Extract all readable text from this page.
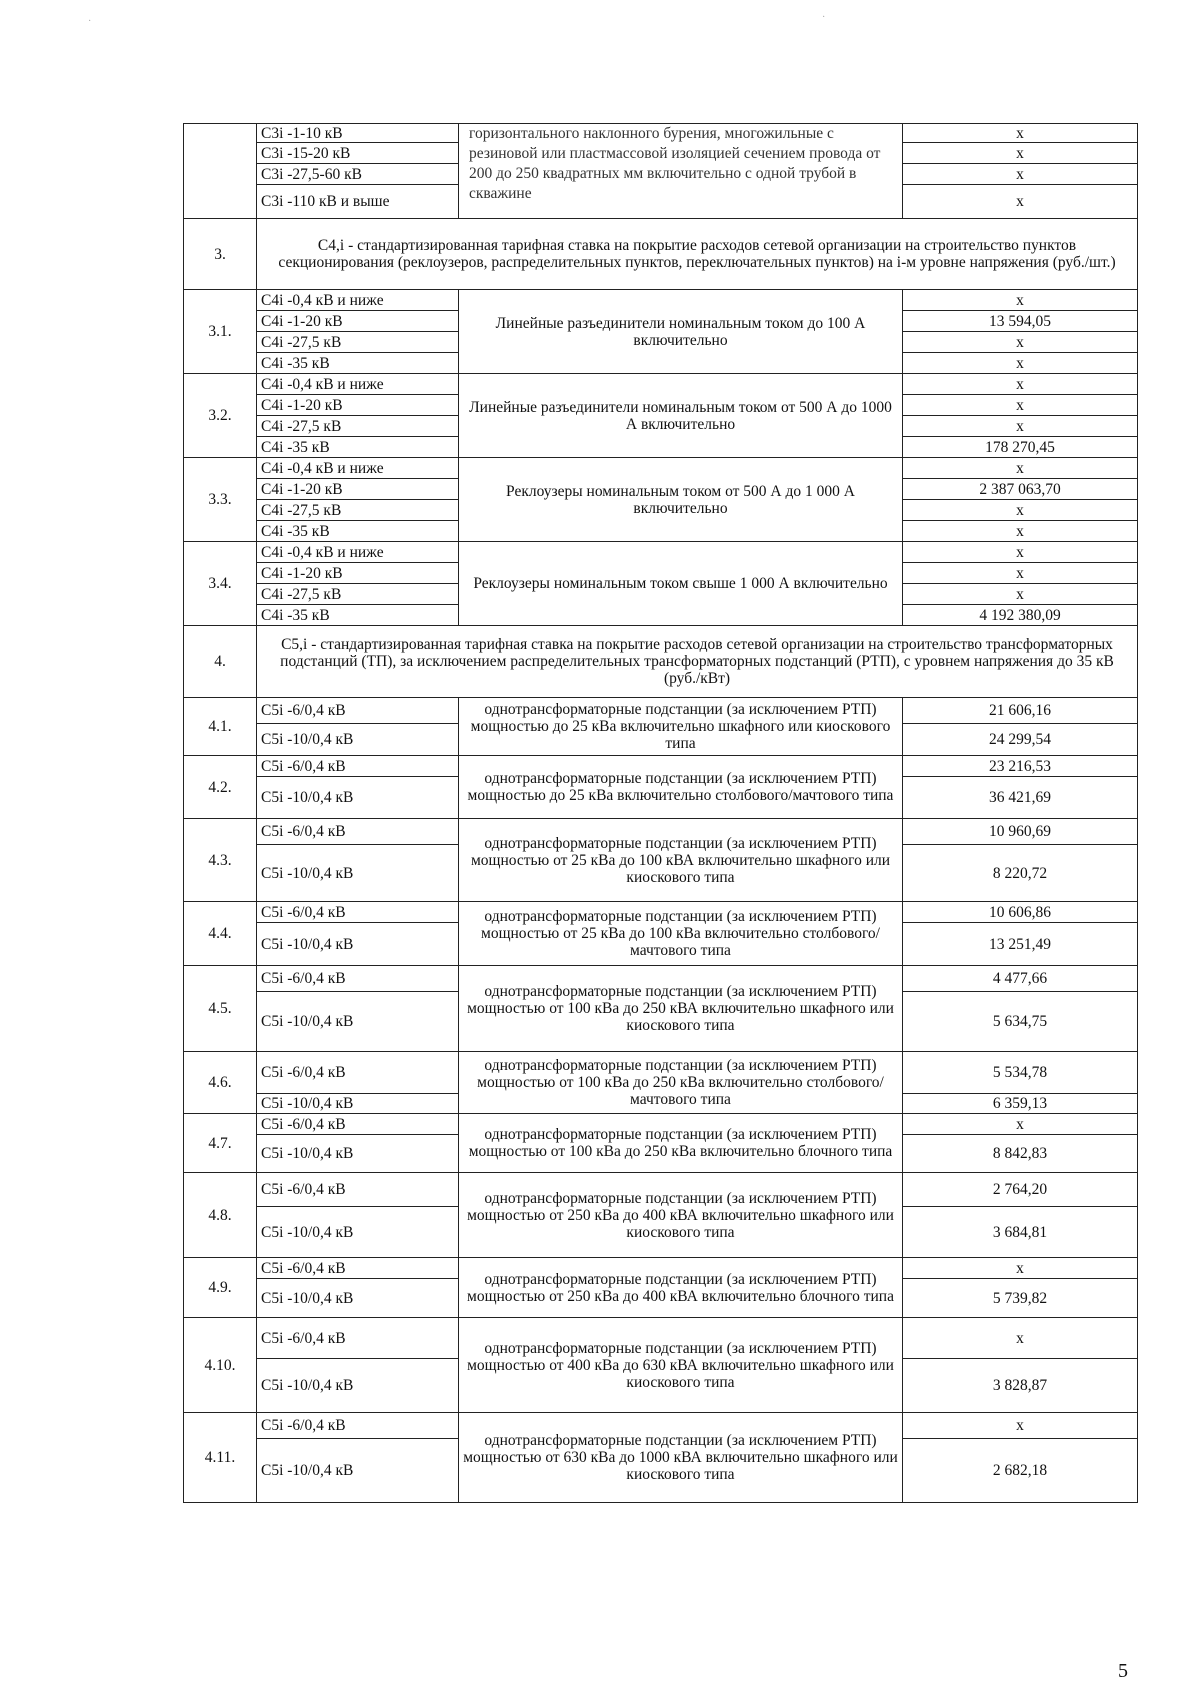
·	·
	С3i -1-10 кВ	горизонтального наклонного бурения, многожильные с резиновой или пластмассовой изоляцией сечением провода от 200 до 250 квадратных мм включительно с одной трубой в скважине	х
	С3i -15-20 кВ		х
	С3i -27,5-60 кВ		х
	С3i -110 кВ и выше		х
3.	С4,i - стандартизированная тарифная ставка на покрытие расходов сетевой организации на строительство пунктов секционирования (реклоузеров, распределительных пунктов, переключательных пунктов) на i-м уровне напряжения (руб./шт.)		
3.1.	С4i -0,4 кВ и ниже	Линейные разъединители номинальным током до 100 А включительно	х
	С4i -1-20 кВ		13 594,05
	С4i -27,5 кВ		х
	С4i -35 кВ		х
3.2.	С4i -0,4 кВ и ниже	Линейные разъединители номинальным током от 500 А до 1000 А включительно	х
	С4i -1-20 кВ		х
	С4i -27,5 кВ		х
	С4i -35 кВ		178 270,45
3.3.	С4i -0,4 кВ и ниже	Реклоузеры номинальным током от 500 А до 1 000 А включительно	х
	С4i -1-20 кВ		2 387 063,70
	С4i -27,5 кВ		х
	С4i -35 кВ		х
3.4.	С4i -0,4 кВ и ниже	Реклоузеры номинальным током свыше 1 000 А включительно	х
	С4i -1-20 кВ		х
	С4i -27,5 кВ		х
	С4i -35 кВ		4 192 380,09
4.	С5,i - стандартизированная тарифная ставка на покрытие расходов сетевой организации на строительство трансформаторных подстанций (ТП), за исключением распределительных трансформаторных подстанций (РТП), с уровнем напряжения до 35 кВ (руб./кВт)		
4.1.	С5i -6/0,4 кВ	однотрансформаторные подстанции (за исключением РТП) мощностью до 25 кВа включительно шкафного или киоскового типа	21 606,16
	С5i -10/0,4 кВ		24 299,54
4.2.	С5i -6/0,4 кВ	однотрансформаторные подстанции (за исключением РТП) мощностью до 25 кВа включительно столбового/мачтового типа	23 216,53
	С5i -10/0,4 кВ		36 421,69
4.3.	С5i -6/0,4 кВ	однотрансформаторные подстанции (за исключением РТП) мощностью от 25 кВа до 100 кВА включительно шкафного или киоскового типа	10 960,69
	С5i -10/0,4 кВ		8 220,72
4.4.	С5i -6/0,4 кВ	однотрансформаторные подстанции (за исключением РТП) мощностью от 25 кВа до 100 кВа включительно столбового/мачтового типа	10 606,86
	С5i -10/0,4 кВ		13 251,49
4.5.	С5i -6/0,4 кВ	однотрансформаторные подстанции (за исключением РТП) мощностью от 100 кВа до 250 кВА включительно шкафного или киоскового типа	4 477,66
	С5i -10/0,4 кВ		5 634,75
4.6.	С5i -6/0,4 кВ	однотрансформаторные подстанции (за исключением РТП) мощностью от 100 кВа до 250 кВа включительно столбового/мачтового типа	5 534,78
	С5i -10/0,4 кВ		6 359,13
4.7.	С5i -6/0,4 кВ	однотрансформаторные подстанции (за исключением РТП) мощностью от 100 кВа до 250 кВа включительно блочного типа	х
	С5i -10/0,4 кВ		8 842,83
4.8.	С5i -6/0,4 кВ	однотрансформаторные подстанции (за исключением РТП) мощностью от 250 кВа до 400 кВА включительно шкафного или киоскового типа	2 764,20
	С5i -10/0,4 кВ		3 684,81
4.9.	С5i -6/0,4 кВ	однотрансформаторные подстанции (за исключением РТП) мощностью от 250 кВа до 400 кВА включительно блочного типа	х
	С5i -10/0,4 кВ		5 739,82
4.10.	С5i -6/0,4 кВ	однотрансформаторные подстанции (за исключением РТП) мощностью от 400 кВа до 630 кВА включительно шкафного или киоскового типа	х
	С5i -10/0,4 кВ		3 828,87
4.11.	С5i -6/0,4 кВ	однотрансформаторные подстанции (за исключением РТП) мощностью от 630 кВа до 1000 кВА включительно шкафного или киоскового типа	х
	С5i -10/0,4 кВ		2 682,18
5
